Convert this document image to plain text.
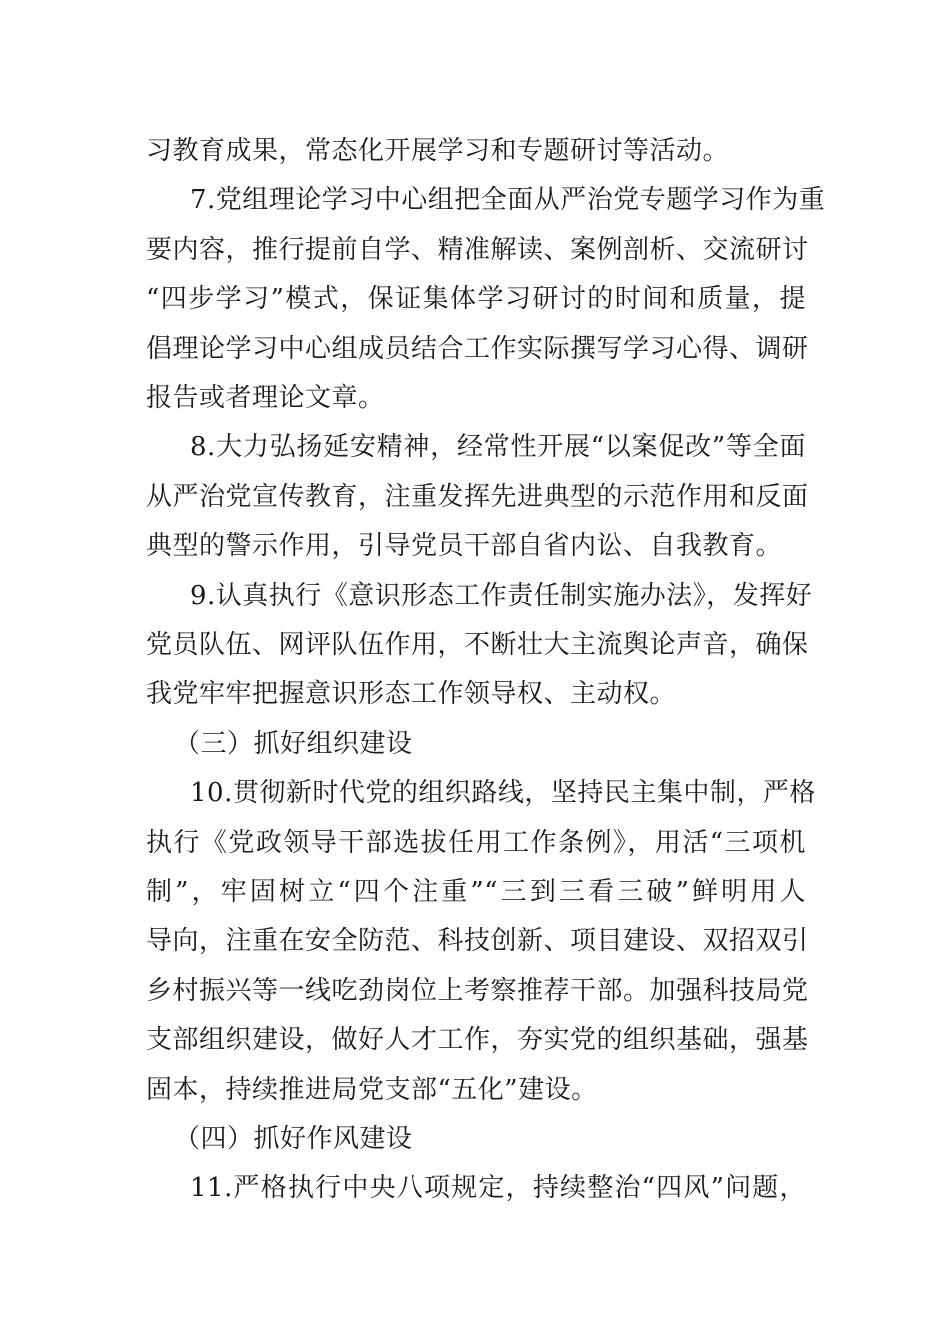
习教育成果，常态化开展学习和专题研讨等活动。
7.党组理论学习中心组把全面从严治党专题学习作为重
要内容，推行提前自学、精准解读、案例剖析、交流研讨
“四步学习”模式，保证集体学习研讨的时间和质量，提
倡理论学习中心组成员结合工作实际撰写学习心得、调研
报告或者理论文章。
8.大力弘扬延安精神，经常性开展“以案促改”等全面
从严治党宣传教育，注重发挥先进典型的示范作用和反面
典型的警示作用，引导党员干部自省内讼、自我教育。
9.认真执行《意识形态工作责任制实施办法》，发挥好
党员队伍、网评队伍作用，不断壮大主流舆论声音，确保
我党牢牢把握意识形态工作领导权、主动权。
（三）抓好组织建设
10.贯彻新时代党的组织路线，坚持民主集中制，严格
执行《党政领导干部选拔任用工作条例》，用活“三项机
制”，牢固树立“四个注重”“三到三看三破”鲜明用人
导向，注重在安全防范、科技创新、项目建设、双招双引
乡村振兴等一线吃劲岗位上考察推荐干部。加强科技局党
支部组织建设，做好人才工作，夯实党的组织基础，强基
固本，持续推进局党支部“五化”建设。
（四）抓好作风建设
11.严格执行中央八项规定，持续整治“四风”问题，
